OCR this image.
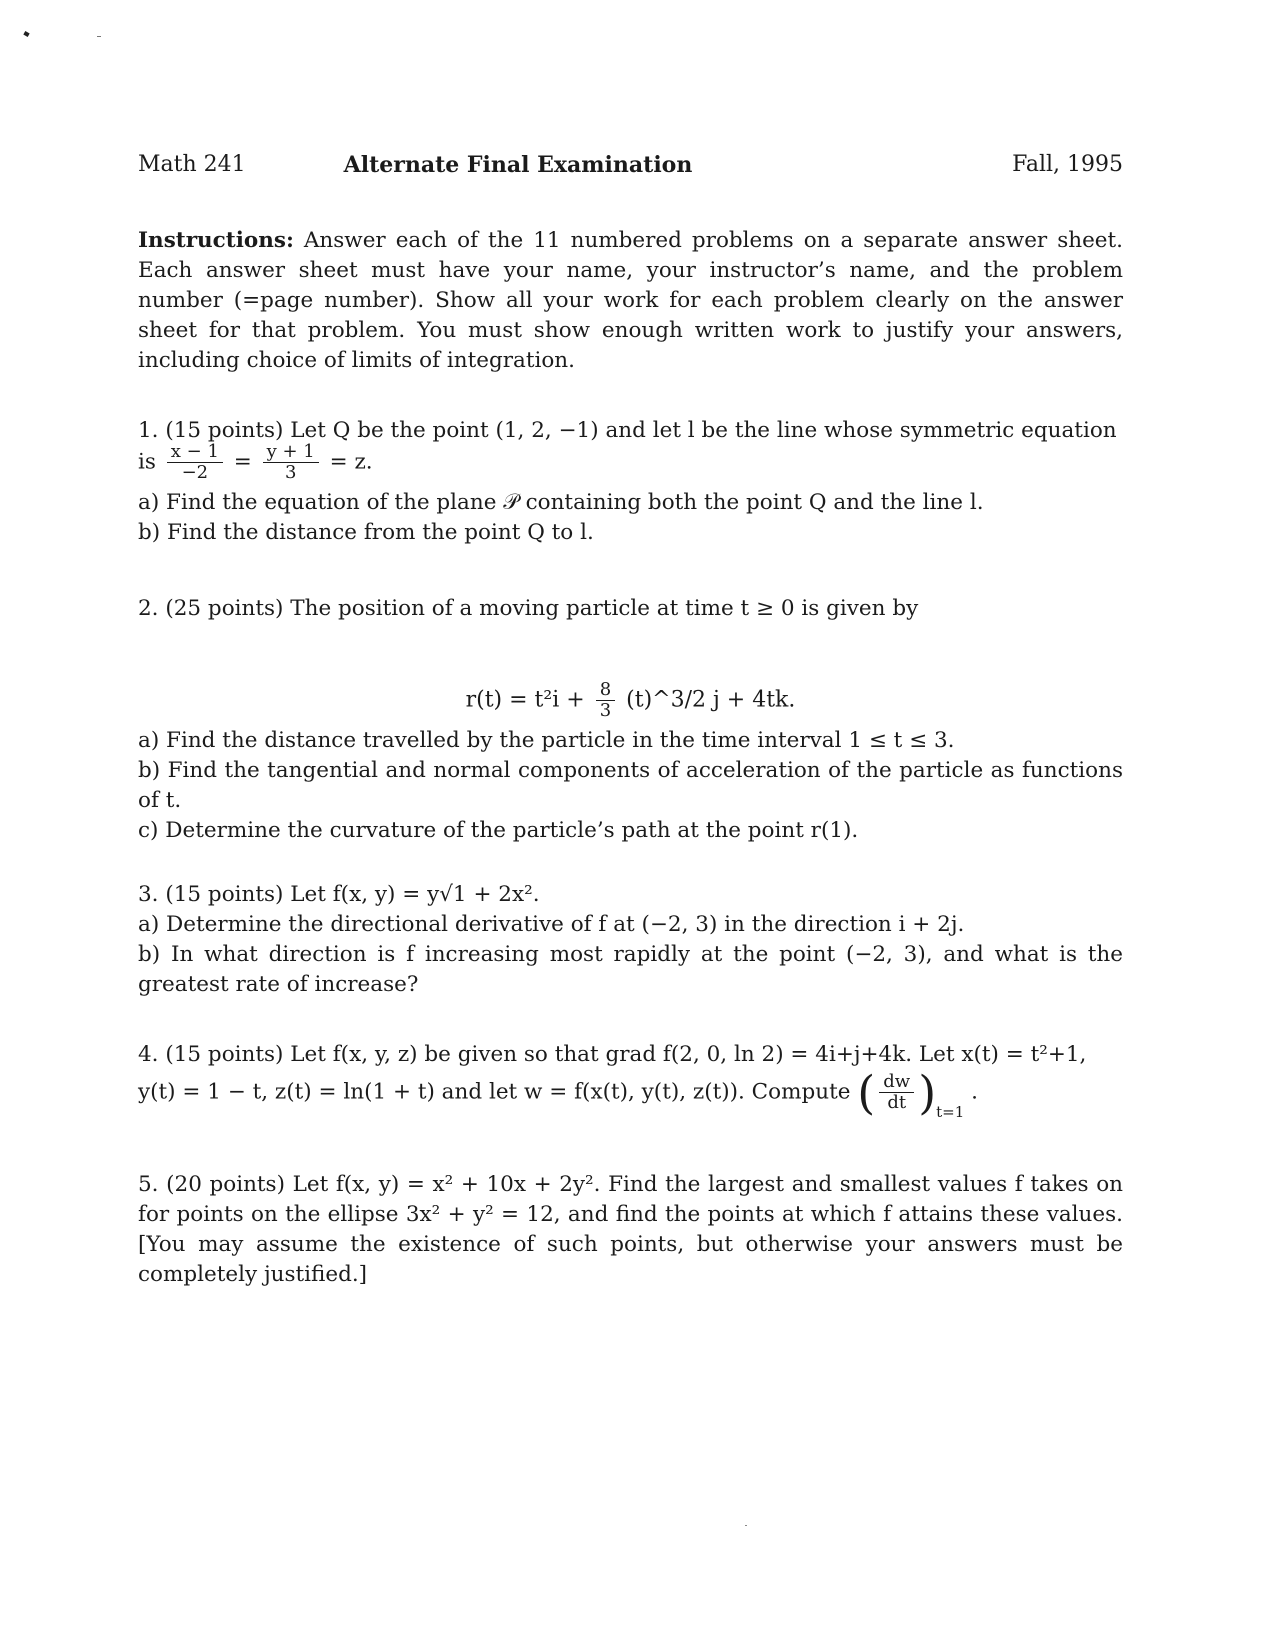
Math 241	Alternate Final Examination	Fall, 1995
Instructions: Answer each of the 11 numbered problems on a separate answer sheet. Each answer sheet must have your name, your instructor’s name, and the problem number (=page number). Show all your work for each problem clearly on the answer sheet for that problem. You must show enough written work to justify your answers, including choice of limits of integration.
1. (15 points) Let Q be the point (1, 2, −1) and let l be the line whose symmetric equation
is $\frac{x - 1}{-2} = \frac{y + 1}{3} = z$.
a) Find the equation of the plane 𝒫 containing both the point Q and the line l.
b) Find the distance from the point Q to l.
2. (25 points) The position of a moving particle at time t ≥ 0 is given by
$r(t) = t^2i + \frac{8}{3}$ (t)^3/2 j + 4tk.
a) Find the distance travelled by the particle in the time interval 1 ≤ t ≤ 3.
b) Find the tangential and normal components of acceleration of the particle as functions of t.
c) Determine the curvature of the particle’s path at the point r(1).
3. (15 points) Let f(x, y) = y√1 + 2x².
a) Determine the directional derivative of f at (−2, 3) in the direction i + 2j.
b) In what direction is f increasing most rapidly at the point (−2, 3), and what is the greatest rate of increase?
4. (15 points) Let f(x, y, z) be given so that grad f(2, 0, ln 2) = 4i+j+4k. Let x(t) = t²+1,
y(t) = 1 − t, z(t) = ln(1 + t) and let w = f(x(t), y(t), z(t)). Compute ( $\frac{dw}{dt} )_{t=1}$ .
5. (20 points) Let f(x, y) = x² + 10x + 2y². Find the largest and smallest values f takes on for points on the ellipse 3x² + y² = 12, and find the points at which f attains these values. [You may assume the existence of such points, but otherwise your answers must be completely justified.]
